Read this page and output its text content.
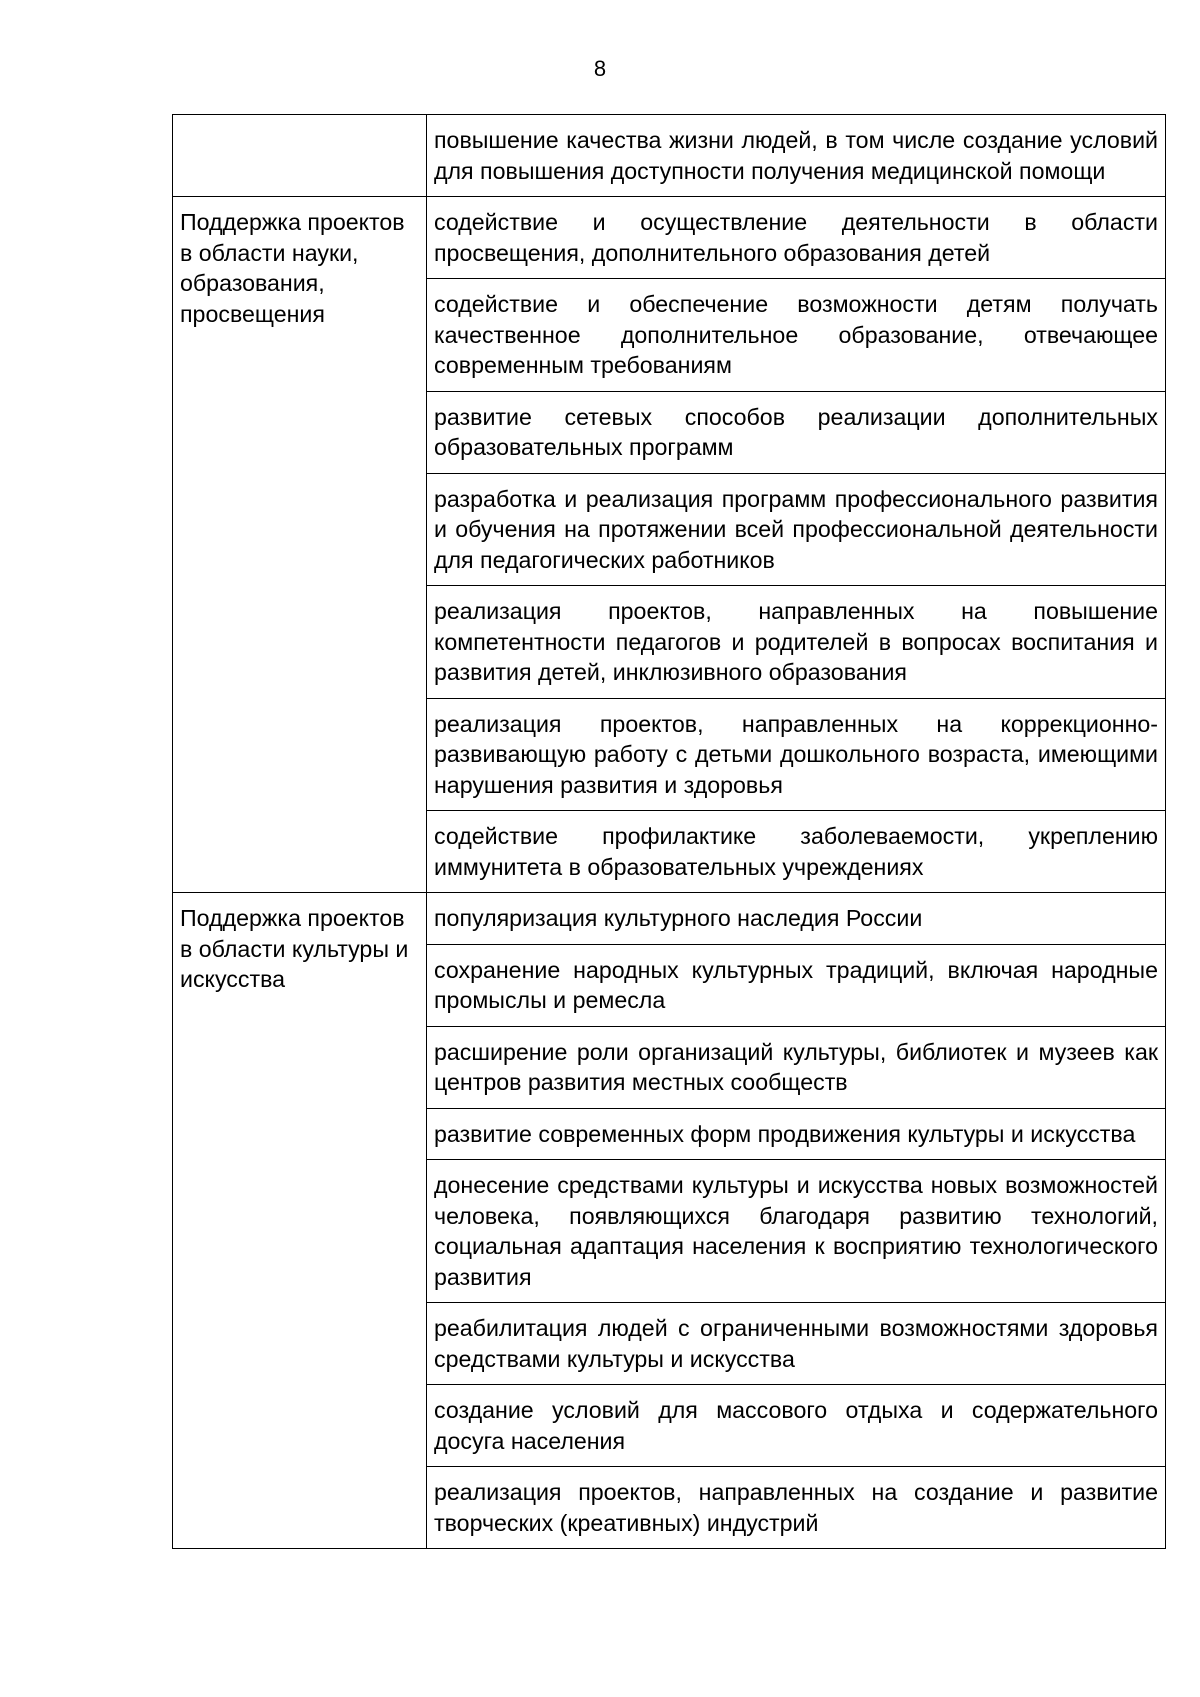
8
	повышение качества жизни людей, в том числе создание условий для повышения доступности получения медицинской помощи
Поддержка проектов в области науки, образования, просвещения	содействие и осуществление деятельности в области просвещения, дополнительного образования детей
	содействие и обеспечение возможности детям получать качественное дополнительное образование, отвечающее современным требованиям
	развитие сетевых способов реализации дополнительных образовательных программ
	разработка и реализация программ профессионального развития и обучения на протяжении всей профессиональной деятельности для педагогических работников
	реализация проектов, направленных на повышение компетентности педагогов и родителей в вопросах воспитания и развития детей, инклюзивного образования
	реализация проектов, направленных на коррекционно-развивающую работу с детьми дошкольного возраста, имеющими нарушения развития и здоровья
	содействие профилактике заболеваемости, укреплению иммунитета в образовательных учреждениях
Поддержка проектов в области культуры и искусства	популяризация культурного наследия России
	сохранение народных культурных традиций, включая народные промыслы и ремесла
	расширение роли организаций культуры, библиотек и музеев как центров развития местных сообществ
	развитие современных форм продвижения культуры и искусства
	донесение средствами культуры и искусства новых возможностей человека, появляющихся благодаря развитию технологий, социальная адаптация населения к восприятию технологического развития
	реабилитация людей с ограниченными возможностями здоровья средствами культуры и искусства
	создание условий для массового отдыха и содержательного досуга населения
	реализация проектов, направленных на создание и развитие творческих (креативных) индустрий
